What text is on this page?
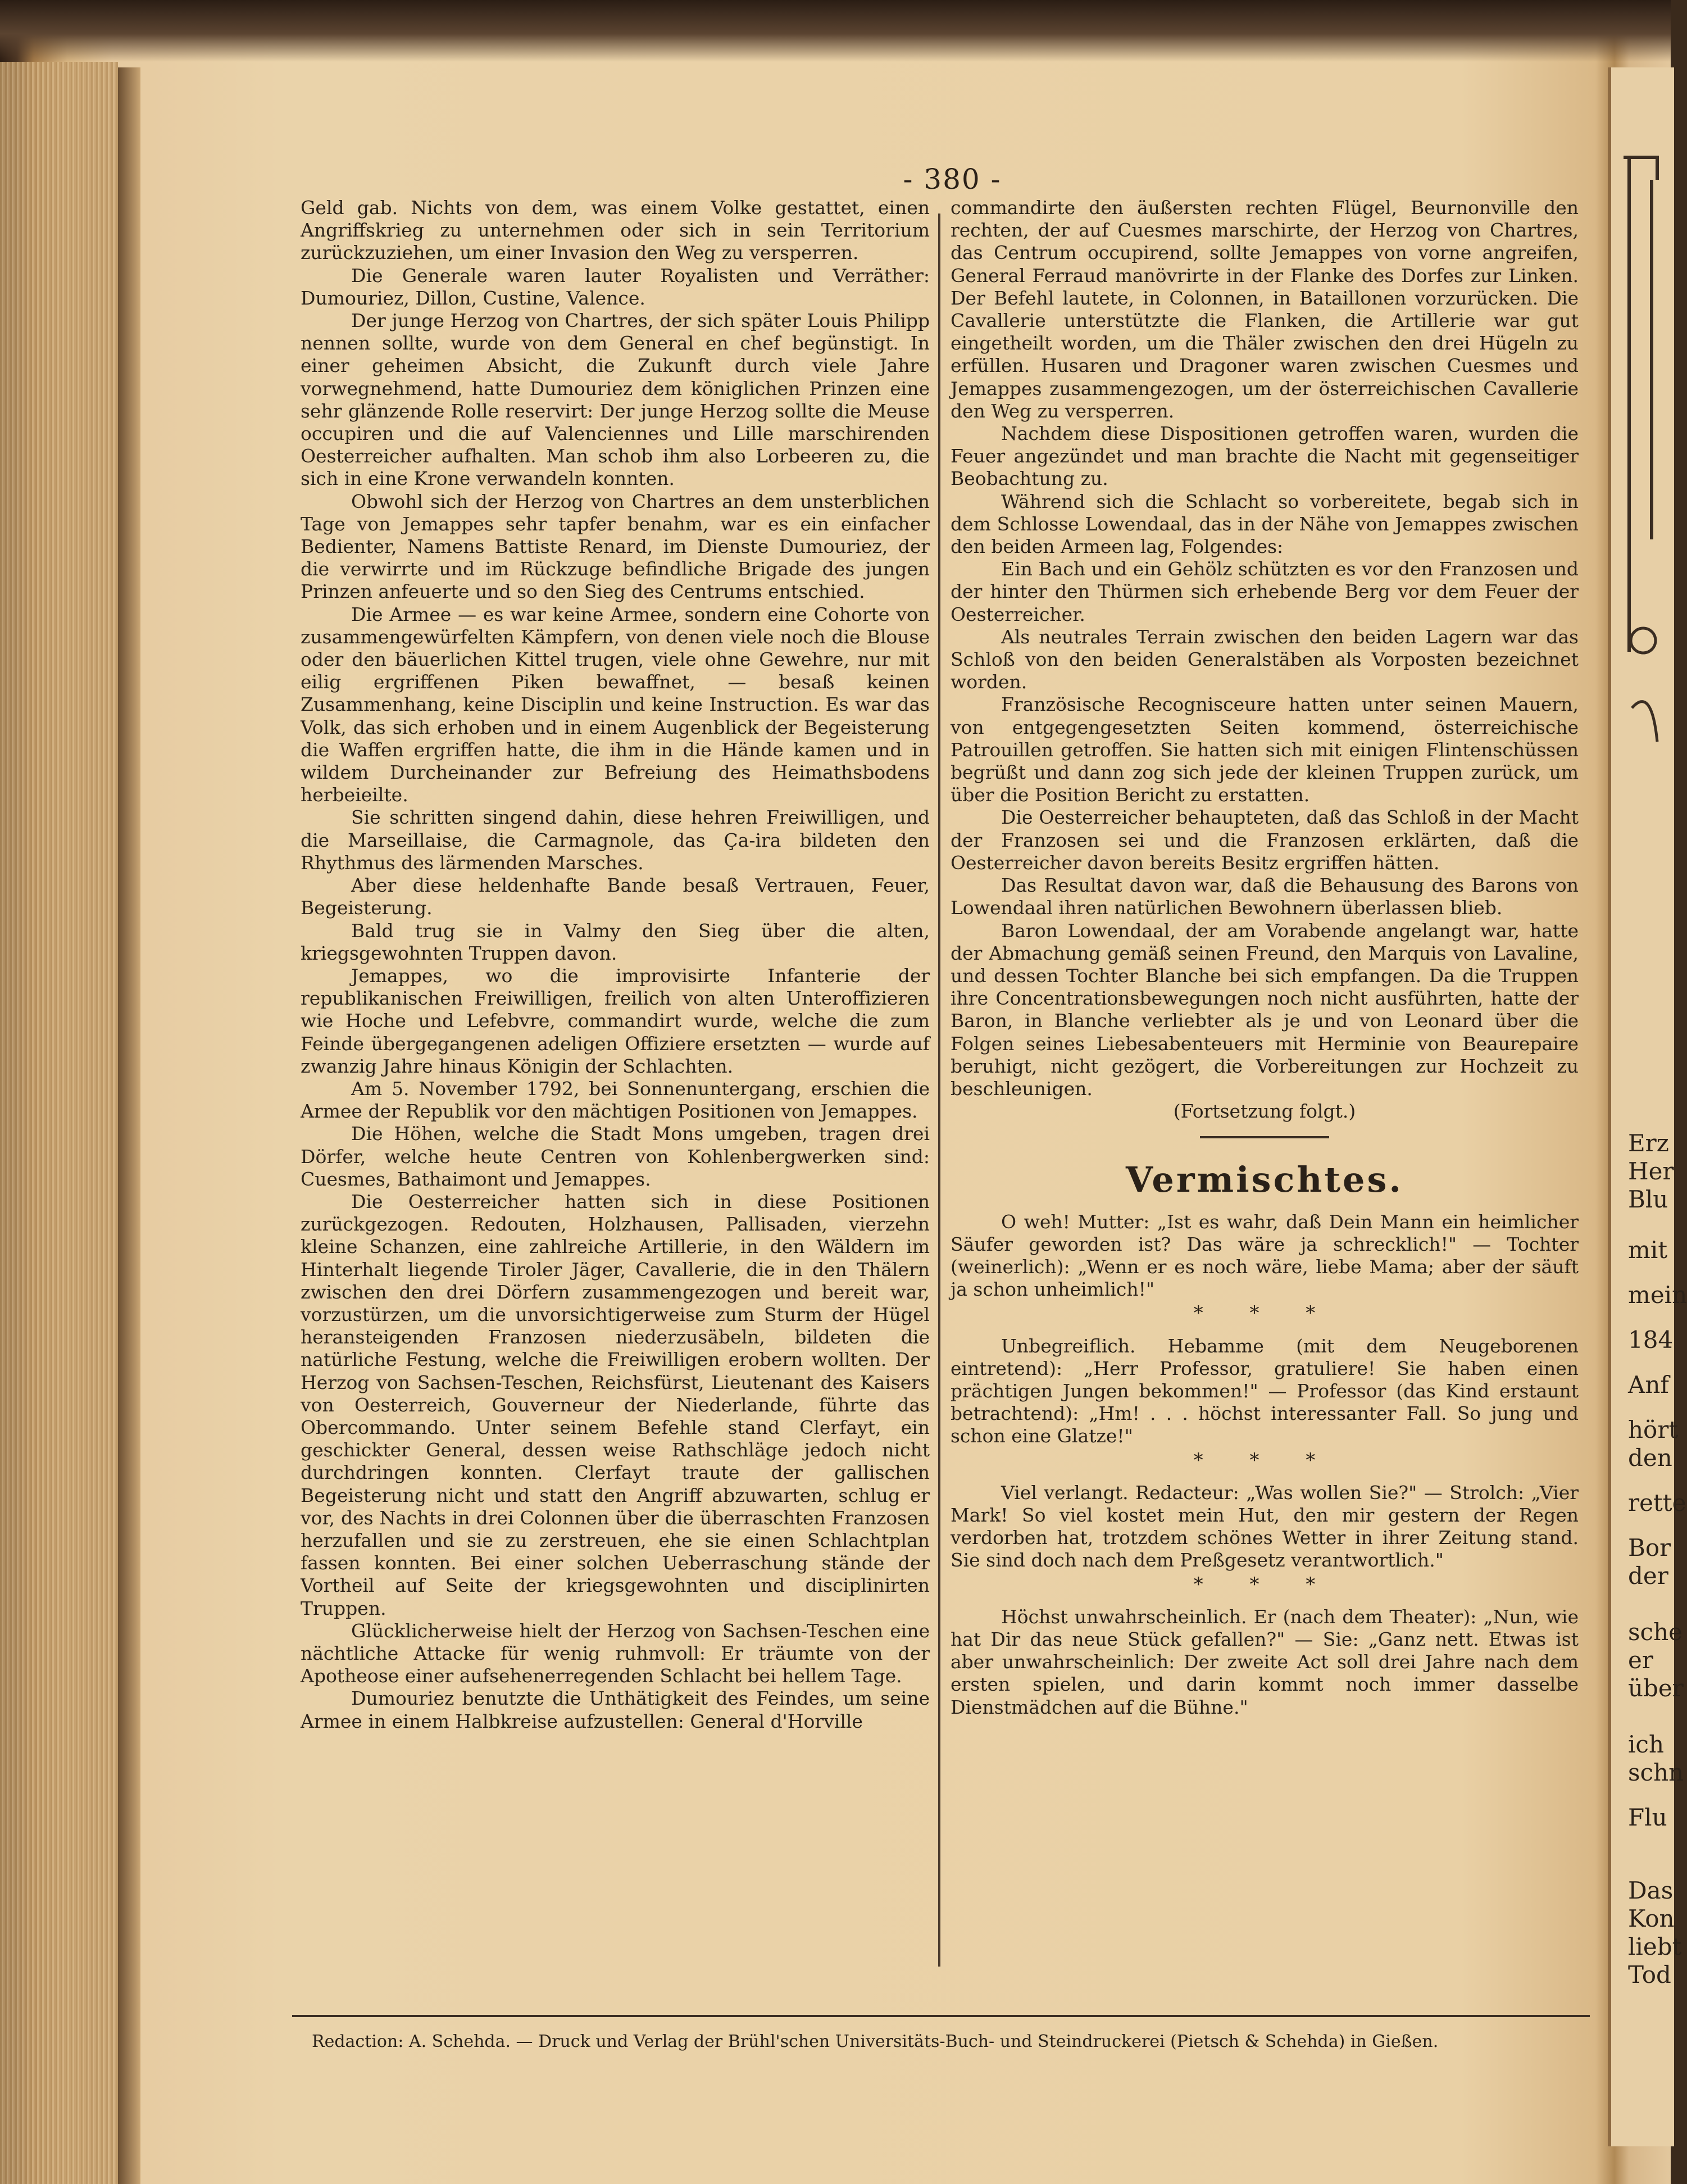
Erz
Her
Blu
mit
mein
184
Anf
hört
den
rette
Bor
der
sche
er
über
ich
schn
Flu
Das
Kon
liebt
Tod
- 380 -

Geld gab. Nichts von dem, was einem Volke gestattet, einen Angriffskrieg zu unternehmen oder sich in sein Territorium zurückzuziehen, um einer Invasion den Weg zu versperren.

Die Generale waren lauter Royalisten und Verräther: Dumouriez, Dillon, Custine, Valence.

Der junge Herzog von Chartres, der sich später Louis Philipp nennen sollte, wurde von dem General en chef begünstigt. In einer geheimen Absicht, die Zukunft durch viele Jahre vorwegnehmend, hatte Dumouriez dem königlichen Prinzen eine sehr glänzende Rolle reservirt: Der junge Herzog sollte die Meuse occupiren und die auf Valenciennes und Lille marschirenden Oesterreicher aufhalten. Man schob ihm also Lorbeeren zu, die sich in eine Krone verwandeln konnten.

Obwohl sich der Herzog von Chartres an dem unsterblichen Tage von Jemappes sehr tapfer benahm, war es ein einfacher Bedienter, Namens Battiste Renard, im Dienste Dumouriez, der die verwirrte und im Rückzuge befindliche Brigade des jungen Prinzen anfeuerte und so den Sieg des Centrums entschied.

Die Armee — es war keine Armee, sondern eine Cohorte von zusammengewürfelten Kämpfern, von denen viele noch die Blouse oder den bäuerlichen Kittel trugen, viele ohne Gewehre, nur mit eilig ergriffenen Piken bewaffnet, — besaß keinen Zusammenhang, keine Disciplin und keine Instruction. Es war das Volk, das sich erhoben und in einem Augenblick der Begeisterung die Waffen ergriffen hatte, die ihm in die Hände kamen und in wildem Durcheinander zur Befreiung des Heimathsbodens herbeieilte.

Sie schritten singend dahin, diese hehren Freiwilligen, und die Marseillaise, die Carmagnole, das Ça-ira bildeten den Rhythmus des lärmenden Marsches.

Aber diese heldenhafte Bande besaß Vertrauen, Feuer, Begeisterung.

Bald trug sie in Valmy den Sieg über die alten, kriegsgewohnten Truppen davon.

Jemappes, wo die improvisirte Infanterie der republikanischen Freiwilligen, freilich von alten Unteroffizieren wie Hoche und Lefebvre, commandirt wurde, welche die zum Feinde übergegangenen adeligen Offiziere ersetzten — wurde auf zwanzig Jahre hinaus Königin der Schlachten.

Am 5. November 1792, bei Sonnenuntergang, erschien die Armee der Republik vor den mächtigen Positionen von Jemappes.

Die Höhen, welche die Stadt Mons umgeben, tragen drei Dörfer, welche heute Centren von Kohlenbergwerken sind: Cuesmes, Bathaimont und Jemappes.

Die Oesterreicher hatten sich in diese Positionen zurückgezogen. Redouten, Holzhausen, Pallisaden, vierzehn kleine Schanzen, eine zahlreiche Artillerie, in den Wäldern im Hinterhalt liegende Tiroler Jäger, Cavallerie, die in den Thälern zwischen den drei Dörfern zusammengezogen und bereit war, vorzustürzen, um die unvorsichtigerweise zum Sturm der Hügel heransteigenden Franzosen niederzusäbeln, bildeten die natürliche Festung, welche die Freiwilligen erobern wollten. Der Herzog von Sachsen-Teschen, Reichsfürst, Lieutenant des Kaisers von Oesterreich, Gouverneur der Niederlande, führte das Obercommando. Unter seinem Befehle stand Clerfayt, ein geschickter General, dessen weise Rathschläge jedoch nicht durchdringen konnten. Clerfayt traute der gallischen Begeisterung nicht und statt den Angriff abzuwarten, schlug er vor, des Nachts in drei Colonnen über die überraschten Franzosen herzufallen und sie zu zerstreuen, ehe sie einen Schlachtplan fassen konnten. Bei einer solchen Ueberraschung stände der Vortheil auf Seite der kriegsgewohnten und disciplinirten Truppen.

Glücklicherweise hielt der Herzog von Sachsen-Teschen eine nächtliche Attacke für wenig ruhmvoll: Er träumte von der Apotheose einer aufsehenerregenden Schlacht bei hellem Tage.

Dumouriez benutzte die Unthätigkeit des Feindes, um seine Armee in einem Halbkreise aufzustellen: General d'Horville

commandirte den äußersten rechten Flügel, Beurnonville den rechten, der auf Cuesmes marschirte, der Herzog von Chartres, das Centrum occupirend, sollte Jemappes von vorne angreifen, General Ferraud manövrirte in der Flanke des Dorfes zur Linken. Der Befehl lautete, in Colonnen, in Bataillonen vorzurücken. Die Cavallerie unterstützte die Flanken, die Artillerie war gut eingetheilt worden, um die Thäler zwischen den drei Hügeln zu erfüllen. Husaren und Dragoner waren zwischen Cuesmes und Jemappes zusammengezogen, um der österreichischen Cavallerie den Weg zu versperren.

Nachdem diese Dispositionen getroffen waren, wurden die Feuer angezündet und man brachte die Nacht mit gegenseitiger Beobachtung zu.

Während sich die Schlacht so vorbereitete, begab sich in dem Schlosse Lowendaal, das in der Nähe von Jemappes zwischen den beiden Armeen lag, Folgendes:

Ein Bach und ein Gehölz schützten es vor den Franzosen und der hinter den Thürmen sich erhebende Berg vor dem Feuer der Oesterreicher.

Als neutrales Terrain zwischen den beiden Lagern war das Schloß von den beiden Generalstäben als Vorposten bezeichnet worden.

Französische Recognisceure hatten unter seinen Mauern, von entgegengesetzten Seiten kommend, österreichische Patrouillen getroffen. Sie hatten sich mit einigen Flintenschüssen begrüßt und dann zog sich jede der kleinen Truppen zurück, um über die Position Bericht zu erstatten.

Die Oesterreicher behaupteten, daß das Schloß in der Macht der Franzosen sei und die Franzosen erklärten, daß die Oesterreicher davon bereits Besitz ergriffen hätten.

Das Resultat davon war, daß die Behausung des Barons von Lowendaal ihren natürlichen Bewohnern überlassen blieb.

Baron Lowendaal, der am Vorabende angelangt war, hatte der Abmachung gemäß seinen Freund, den Marquis von Lavaline, und dessen Tochter Blanche bei sich empfangen. Da die Truppen ihre Concentrationsbewegungen noch nicht ausführten, hatte der Baron, in Blanche verliebter als je und von Leonard über die Folgen seines Liebesabenteuers mit Herminie von Beaurepaire beruhigt, nicht gezögert, die Vorbereitungen zur Hochzeit zu beschleunigen.

(Fortsetzung folgt.)

Vermischtes.

O weh! Mutter: „Ist es wahr, daß Dein Mann ein heimlicher Säufer geworden ist? Das wäre ja schrecklich!" — Tochter (weinerlich): „Wenn er es noch wäre, liebe Mama; aber der säuft ja schon unheimlich!"

* * *

Unbegreiflich. Hebamme (mit dem Neugeborenen eintretend): „Herr Professor, gratuliere! Sie haben einen prächtigen Jungen bekommen!" — Professor (das Kind erstaunt betrachtend): „Hm! . . . höchst interessanter Fall. So jung und schon eine Glatze!"

* * *

Viel verlangt. Redacteur: „Was wollen Sie?" — Strolch: „Vier Mark! So viel kostet mein Hut, den mir gestern der Regen verdorben hat, trotzdem schönes Wetter in ihrer Zeitung stand. Sie sind doch nach dem Preßgesetz verantwortlich."

* * *

Höchst unwahrscheinlich. Er (nach dem Theater): „Nun, wie hat Dir das neue Stück gefallen?" — Sie: „Ganz nett. Etwas ist aber unwahrscheinlich: Der zweite Act soll drei Jahre nach dem ersten spielen, und darin kommt noch immer dasselbe Dienstmädchen auf die Bühne."

Redaction: A. Schehda. — Druck und Verlag der Brühl'schen Universitäts-Buch- und Steindruckerei (Pietsch & Schehda) in Gießen.
